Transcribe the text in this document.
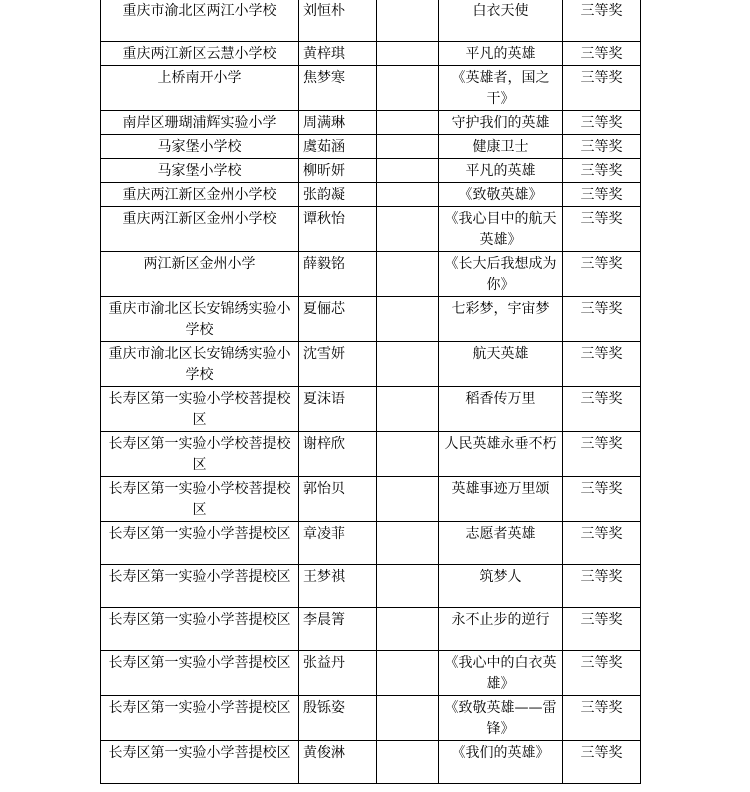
重庆市渝北区两江小学校	刘恒朴		白衣天使	三等奖
重庆两江新区云慧小学校	黄梓琪		平凡的英雄	三等奖
上桥南开小学	焦梦寒		《英雄者，国之干》	三等奖
南岸区珊瑚浦辉实验小学	周满琳		守护我们的英雄	三等奖
马家堡小学校	虞茹涵		健康卫士	三等奖
马家堡小学校	柳昕妍		平凡的英雄	三等奖
重庆两江新区金州小学校	张韵凝		《致敬英雄》	三等奖
重庆两江新区金州小学校	谭秋怡		《我心目中的航天英雄》	三等奖
两江新区金州小学	薛毅铭		《长大后我想成为你》	三等奖
重庆市渝北区长安锦绣实验小学校	夏俪芯		七彩梦，宇宙梦	三等奖
重庆市渝北区长安锦绣实验小学校	沈雪妍		航天英雄	三等奖
长寿区第一实验小学校菩提校区	夏沫语		稻香传万里	三等奖
长寿区第一实验小学校菩提校区	谢梓欣		人民英雄永垂不朽	三等奖
长寿区第一实验小学校菩提校区	郭怡贝		英雄事迹万里颂	三等奖
长寿区第一实验小学菩提校区	章凌菲		志愿者英雄	三等奖
长寿区第一实验小学菩提校区	王梦祺		筑梦人	三等奖
长寿区第一实验小学菩提校区	李晨箐		永不止步的逆行	三等奖
长寿区第一实验小学菩提校区	张益丹		《我心中的白衣英雄》	三等奖
长寿区第一实验小学菩提校区	殷铄姿		《致敬英雄——雷锋》	三等奖
长寿区第一实验小学菩提校区	黄俊淋		《我们的英雄》	三等奖
